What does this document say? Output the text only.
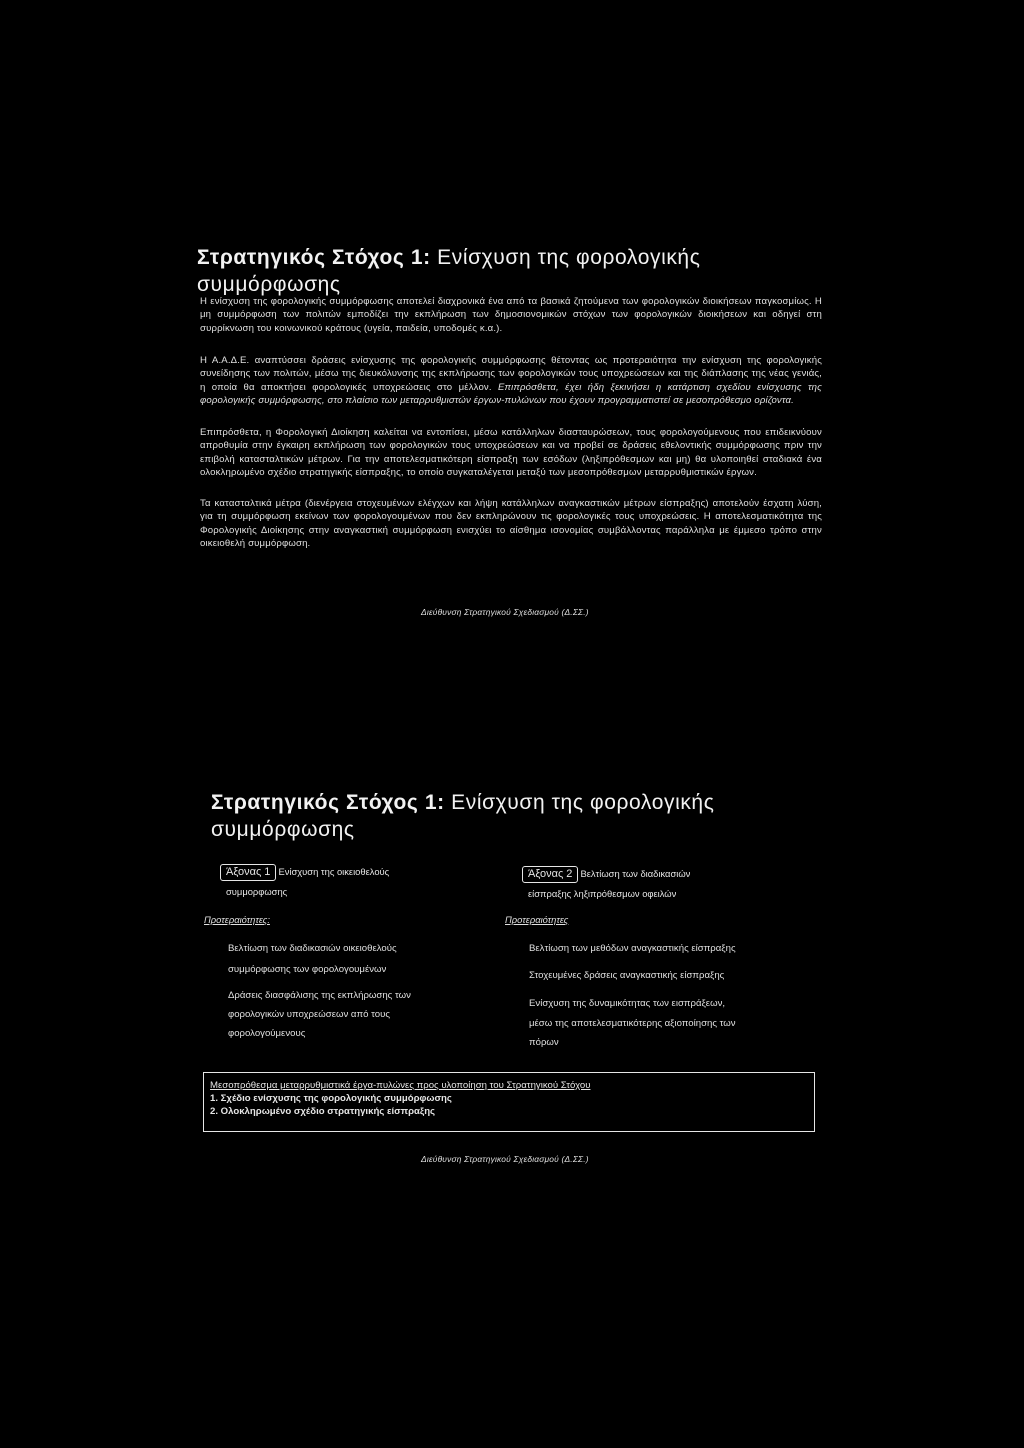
Στρατηγικός Στόχος 1: Ενίσχυση της φορολογικής
συμμόρφωσης
Η ενίσχυση της φορολογικής συμμόρφωσης αποτελεί διαχρονικά ένα από τα βασικά ζητούμενα των φορολογικών διοικήσεων παγκοσμίως. Η μη συμμόρφωση των πολιτών εμποδίζει την εκπλήρωση των δημοσιονομικών στόχων των φορολογικών διοικήσεων και οδηγεί στη συρρίκνωση του κοινωνικού κράτους (υγεία, παιδεία, υποδομές κ.α.).
Η Α.Α.Δ.Ε. αναπτύσσει δράσεις ενίσχυσης της φορολογικής συμμόρφωσης θέτοντας ως προτεραιότητα την ενίσχυση της φορολογικής συνείδησης των πολιτών, μέσω της διευκόλυνσης της εκπλήρωσης των φορολογικών τους υποχρεώσεων και της διάπλασης της νέας γενιάς, η οποία θα αποκτήσει φορολογικές υποχρεώσεις στο μέλλον. Επιπρόσθετα, έχει ήδη ξεκινήσει η κατάρτιση σχεδίου ενίσχυσης της φορολογικής συμμόρφωσης, στο πλαίσιο των μεταρρυθμιστών έργων-πυλώνων που έχουν προγραμματιστεί σε μεσοπρόθεσμο ορίζοντα.
Επιπρόσθετα, η Φορολογική Διοίκηση καλείται να εντοπίσει, μέσω κατάλληλων διασταυρώσεων, τους φορολογούμενους που επιδεικνύουν απροθυμία στην έγκαιρη εκπλήρωση των φορολογικών τους υποχρεώσεων και να προβεί σε δράσεις εθελοντικής συμμόρφωσης πριν την επιβολή κατασταλτικών μέτρων. Για την αποτελεσματικότερη είσπραξη των εσόδων (ληξιπρόθεσμων και μη) θα υλοποιηθεί σταδιακά ένα ολοκληρωμένο σχέδιο στρατηγικής είσπραξης, το οποίο συγκαταλέγεται μεταξύ των μεσοπρόθεσμων μεταρρυθμιστικών έργων.
Τα κατασταλτικά μέτρα (διενέργεια στοχευμένων ελέγχων και λήψη κατάλληλων αναγκαστικών μέτρων είσπραξης) αποτελούν έσχατη λύση, για τη συμμόρφωση εκείνων των φορολογουμένων που δεν εκπληρώνουν τις φορολογικές τους υποχρεώσεις. Η αποτελεσματικότητα της Φορολογικής Διοίκησης στην αναγκαστική συμμόρφωση ενισχύει το αίσθημα ισονομίας συμβάλλοντας παράλληλα με έμμεσο τρόπο στην οικειοθελή συμμόρφωση.
Διεύθυνση Στρατηγικού Σχεδιασμού (Δ.ΣΣ.)
Στρατηγικός Στόχος 1: Ενίσχυση της φορολογικής
συμμόρφωσης
Άξονας 1 Ενίσχυση της οικειοθελούς
συμμορφωσης
Προτεραιότητες:
Βελτίωση των διαδικασιών οικειοθελούς
συμμόρφωσης των φορολογουμένων
Δράσεις διασφάλισης της εκπλήρωσης των
φορολογικών υποχρεώσεων από τους
φορολογούμενους
Άξονας 2 Βελτίωση των διαδικασιών
είσπραξης ληξιπρόθεσμων οφειλών
Προτεραιότητες
Βελτίωση των μεθόδων αναγκαστικής είσπραξης
Στοχευμένες δράσεις αναγκαστικής είσπραξης
Ενίσχυση της δυναμικότητας των εισπράξεων,
μέσω της αποτελεσματικότερης αξιοποίησης των
πόρων
Μεσοπρόθεσμα μεταρρυθμιστικά έργα-πυλώνες προς υλοποίηση του Στρατηγικού Στόχου
1. Σχέδιο ενίσχυσης της φορολογικής συμμόρφωσης
2. Ολοκληρωμένο σχέδιο στρατηγικής είσπραξης
Διεύθυνση Στρατηγικού Σχεδιασμού (Δ.ΣΣ.)
